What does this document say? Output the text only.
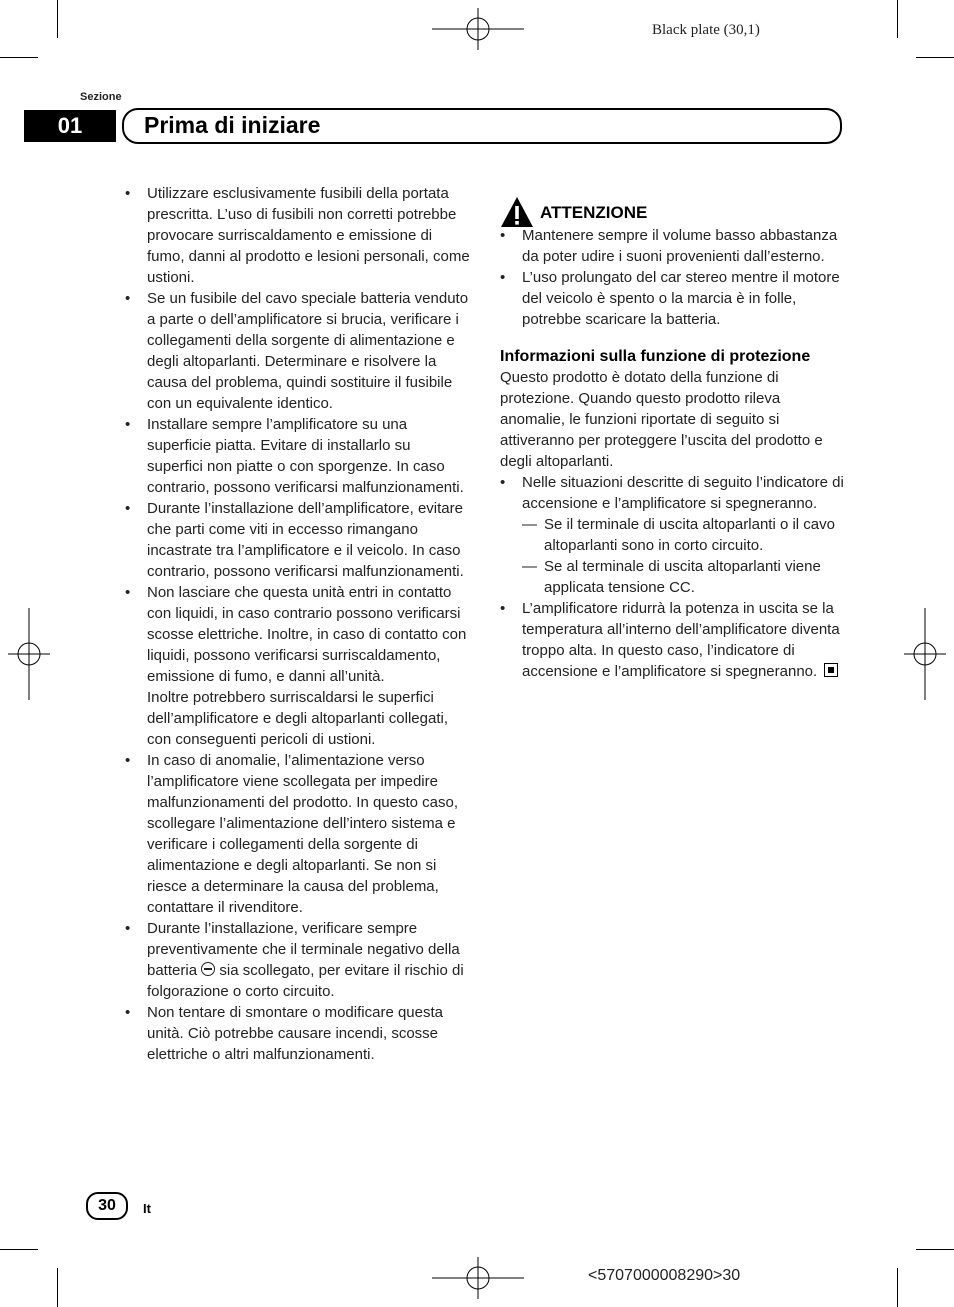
Black plate (30,1)
Sezione
01	Prima di iniziare
• Utilizzare esclusivamente fusibili della portata prescritta. L’uso di fusibili non corretti potrebbe provocare surriscaldamento e emissione di fumo, danni al prodotto e lesioni personali, come ustioni.
• Se un fusibile del cavo speciale batteria venduto a parte o dell’amplificatore si brucia, verificare i collegamenti della sorgente di alimentazione e degli altoparlanti. Determinare e risolvere la causa del problema, quindi sostituire il fusibile con un equivalente identico.
• Installare sempre l’amplificatore su una superficie piatta. Evitare di installarlo su superfici non piatte o con sporgenze. In caso contrario, possono verificarsi malfunzionamenti.
• Durante l’installazione dell’amplificatore, evitare che parti come viti in eccesso rimangano incastrate tra l’amplificatore e il veicolo. In caso contrario, possono verificarsi malfunzionamenti.
• Non lasciare che questa unità entri in contatto con liquidi, in caso contrario possono verificarsi scosse elettriche. Inoltre, in caso di contatto con liquidi, possono verificarsi surriscaldamento, emissione di fumo, e danni all’unità.
Inoltre potrebbero surriscaldarsi le superfici dell’amplificatore e degli altoparlanti collegati, con conseguenti pericoli di ustioni.
• In caso di anomalie, l’alimentazione verso l’amplificatore viene scollegata per impedire malfunzionamenti del prodotto. In questo caso, scollegare l’alimentazione dell’intero sistema e verificare i collegamenti della sorgente di alimentazione e degli altoparlanti. Se non si riesce a determinare la causa del problema, contattare il rivenditore.
• Durante l’installazione, verificare sempre preventivamente che il terminale negativo della batteria sia scollegato, per evitare il rischio di folgorazione o corto circuito.
• Non tentare di smontare o modificare questa unità. Ciò potrebbe causare incendi, scosse elettriche o altri malfunzionamenti.
ATTENZIONE
• Mantenere sempre il volume basso abbastanza da poter udire i suoni provenienti dall’esterno.
• L’uso prolungato del car stereo mentre il motore del veicolo è spento o la marcia è in folle, potrebbe scaricare la batteria.
Informazioni sulla funzione di protezione

Questo prodotto è dotato della funzione di protezione. Quando questo prodotto rileva anomalie, le funzioni riportate di seguito si attiveranno per proteggere l’uscita del prodotto e degli altoparlanti.

• Nelle situazioni descritte di seguito l’indicatore di accensione e l’amplificatore si spegneranno.
— Se il terminale di uscita altoparlanti o il cavo altoparlanti sono in corto circuito.
— Se al terminale di uscita altoparlanti viene applicata tensione CC.
• L’amplificatore ridurrà la potenza in uscita se la temperatura all’interno dell’amplificatore diventa troppo alta. In questo caso, l’indicatore di accensione e l’amplificatore si spegneranno.
30	It
<5707000008290>30
